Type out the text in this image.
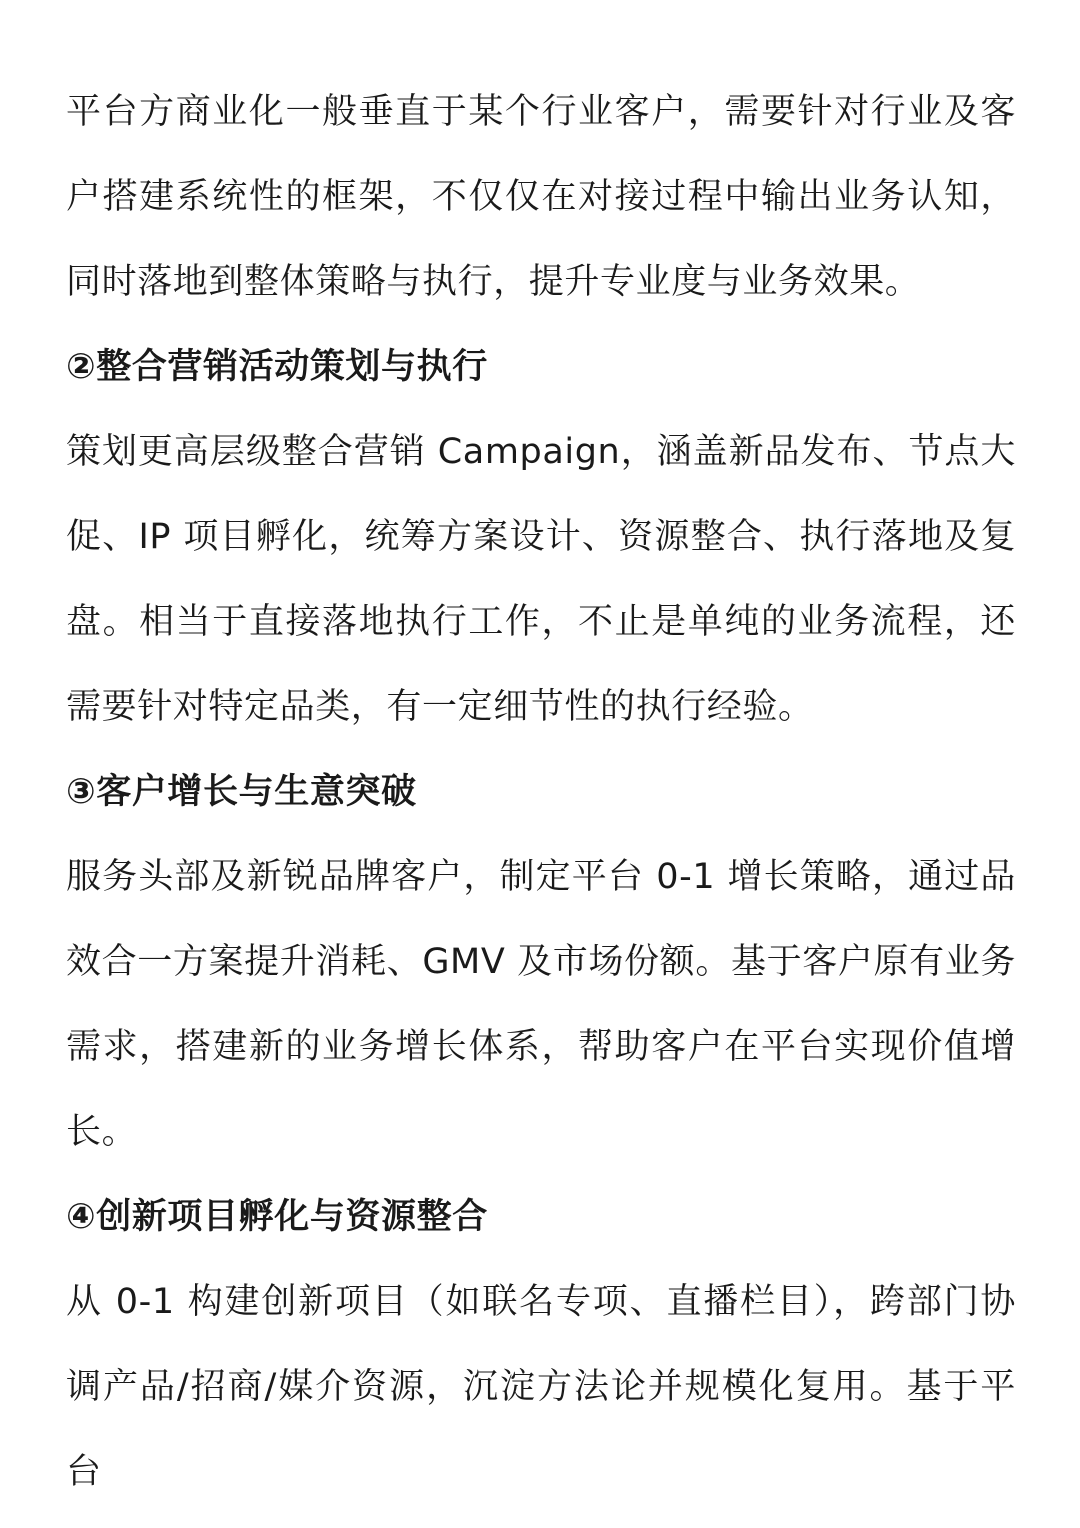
平台方商业化一般垂直于某个行业客户，需要针对行业及客户搭建系统性的框架，不仅仅在对接过程中输出业务认知，同时落地到整体策略与执行，提升专业度与业务效果。

②整合营销活动策划与执行

策划更高层级整合营销 Campaign，涵盖新品发布、节点大促、IP 项目孵化，统筹方案设计、资源整合、执行落地及复盘。相当于直接落地执行工作，不止是单纯的业务流程，还需要针对特定品类，有一定细节性的执行经验。

③客户增长与生意突破

服务头部及新锐品牌客户，制定平台 0-1 增长策略，通过品效合一方案提升消耗、GMV 及市场份额。基于客户原有业务需求，搭建新的业务增长体系，帮助客户在平台实现价值增长。

④创新项目孵化与资源整合

从 0-1 构建创新项目（如联名专项、直播栏目），跨部门协调产品/招商/媒介资源，沉淀方法论并规模化复用。基于平台
